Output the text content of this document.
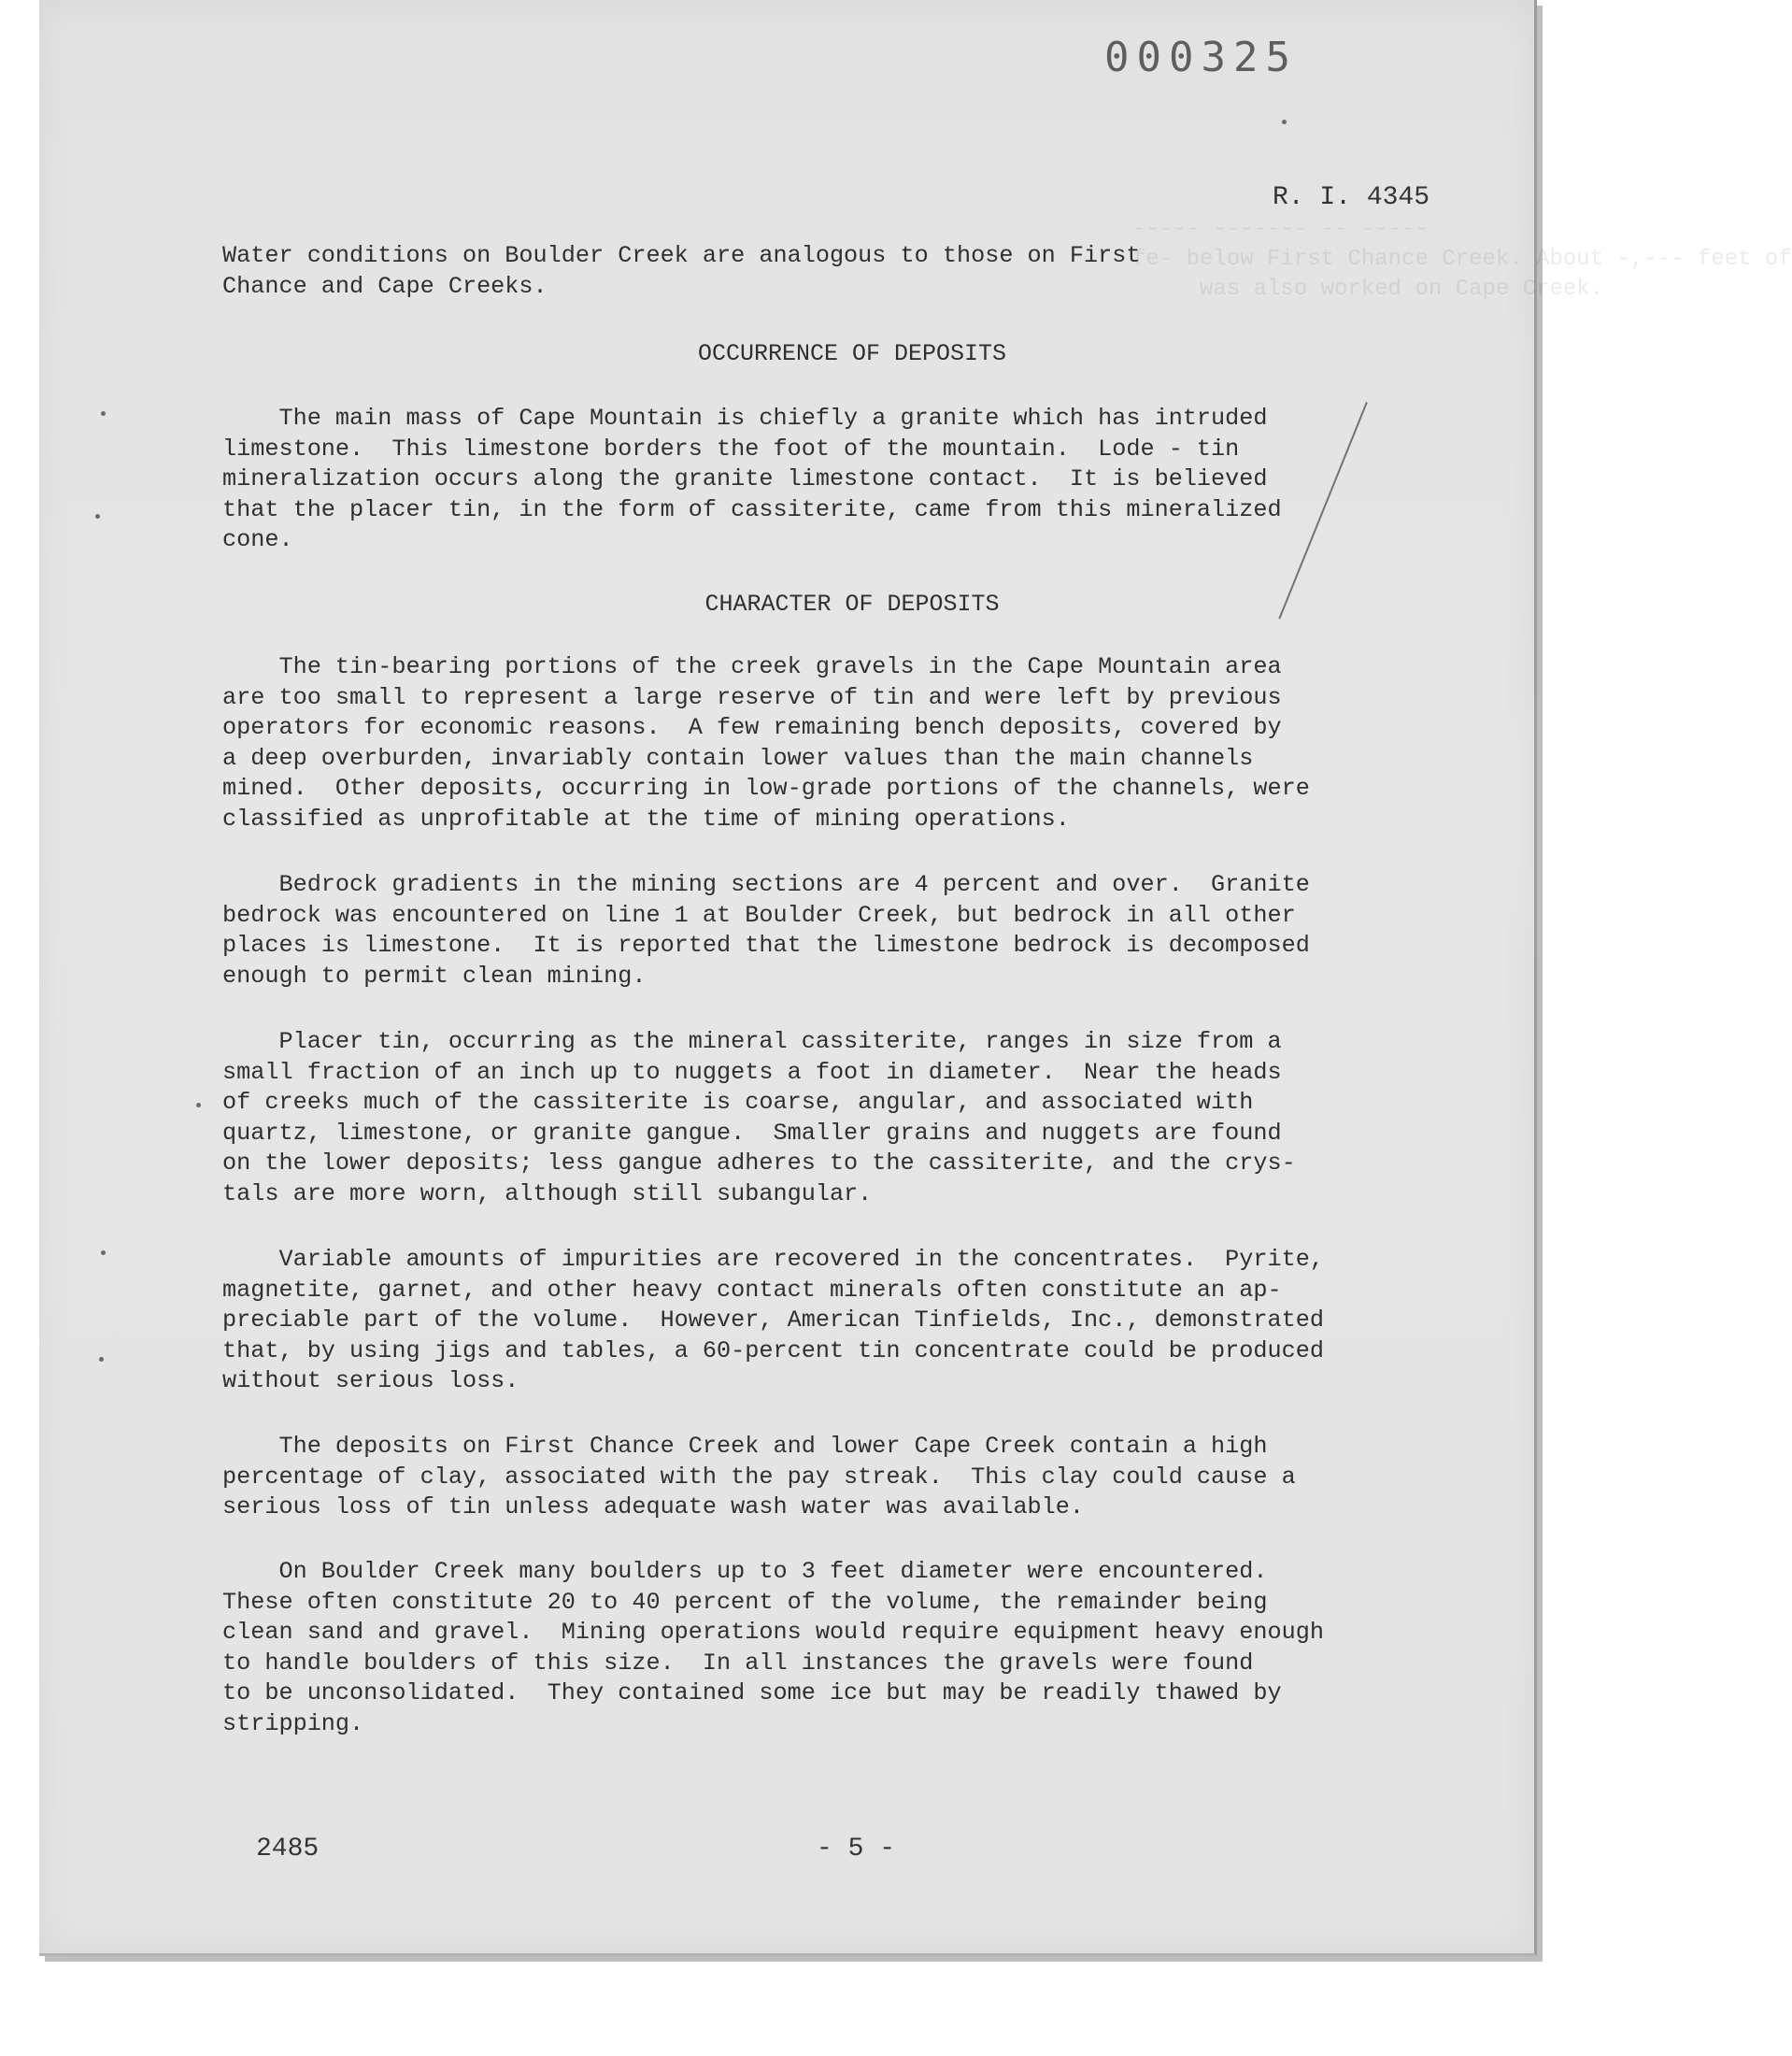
----- ------- -- -----
fe- below First Chance Creek. About -,--- feet of
was also worked on Cape Creek.
000325
R. I. 4345
Water conditions on Boulder Creek are analogous to those on First
Chance and Cape Creeks.
OCCURRENCE OF DEPOSITS
The main mass of Cape Mountain is chiefly a granite which has intruded
limestone.  This limestone borders the foot of the mountain.  Lode - tin
mineralization occurs along the granite limestone contact.  It is believed
that the placer tin, in the form of cassiterite, came from this mineralized
cone.
CHARACTER OF DEPOSITS
The tin-bearing portions of the creek gravels in the Cape Mountain area
are too small to represent a large reserve of tin and were left by previous
operators for economic reasons.  A few remaining bench deposits, covered by
a deep overburden, invariably contain lower values than the main channels
mined.  Other deposits, occurring in low-grade portions of the channels, were
classified as unprofitable at the time of mining operations.
Bedrock gradients in the mining sections are 4 percent and over.  Granite
bedrock was encountered on line 1 at Boulder Creek, but bedrock in all other
places is limestone.  It is reported that the limestone bedrock is decomposed
enough to permit clean mining.
Placer tin, occurring as the mineral cassiterite, ranges in size from a
small fraction of an inch up to nuggets a foot in diameter.  Near the heads
of creeks much of the cassiterite is coarse, angular, and associated with
quartz, limestone, or granite gangue.  Smaller grains and nuggets are found
on the lower deposits; less gangue adheres to the cassiterite, and the crys-
tals are more worn, although still subangular.
Variable amounts of impurities are recovered in the concentrates.  Pyrite,
magnetite, garnet, and other heavy contact minerals often constitute an ap-
preciable part of the volume.  However, American Tinfields, Inc., demonstrated
that, by using jigs and tables, a 60-percent tin concentrate could be produced
without serious loss.
The deposits on First Chance Creek and lower Cape Creek contain a high
percentage of clay, associated with the pay streak.  This clay could cause a
serious loss of tin unless adequate wash water was available.
On Boulder Creek many boulders up to 3 feet diameter were encountered.
These often constitute 20 to 40 percent of the volume, the remainder being
clean sand and gravel.  Mining operations would require equipment heavy enough
to handle boulders of this size.  In all instances the gravels were found
to be unconsolidated.  They contained some ice but may be readily thawed by
stripping.
2485	- 5 -
